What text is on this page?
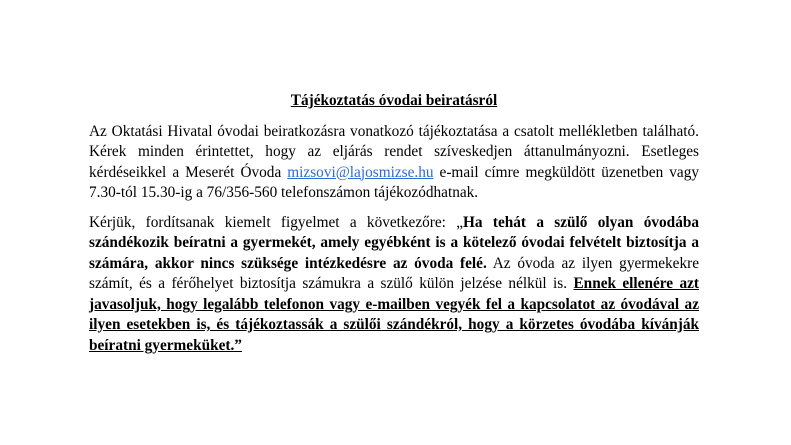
Tájékoztatás óvodai beiratásról

Az Oktatási Hivatal óvodai beiratkozásra vonatkozó tájékoztatása a csatolt mellékletben található. Kérek minden érintettet, hogy az eljárás rendet szíveskedjen áttanulmányozni. Esetleges kérdéseikkel a Meserét Óvoda mizsovi@lajosmizse.hu e-mail címre megküldött üzenetben vagy 7.30-tól 15.30-ig a 76/356-560 telefonszámon tájékozódhatnak.

Kérjük, fordítsanak kiemelt figyelmet a következőre: „Ha tehát a szülő olyan óvodába szándékozik beíratni a gyermekét, amely egyébként is a kötelező óvodai felvételt biztosítja a számára, akkor nincs szüksége intézkedésre az óvoda felé. Az óvoda az ilyen gyermekekre számít, és a férőhelyet biztosítja számukra a szülő külön jelzése nélkül is. Ennek ellenére azt javasoljuk, hogy legalább telefonon vagy e-mailben vegyék fel a kapcsolatot az óvodával az ilyen esetekben is, és tájékoztassák a szülői szándékról, hogy a körzetes óvodába kívánják beíratni gyermeküket.”
